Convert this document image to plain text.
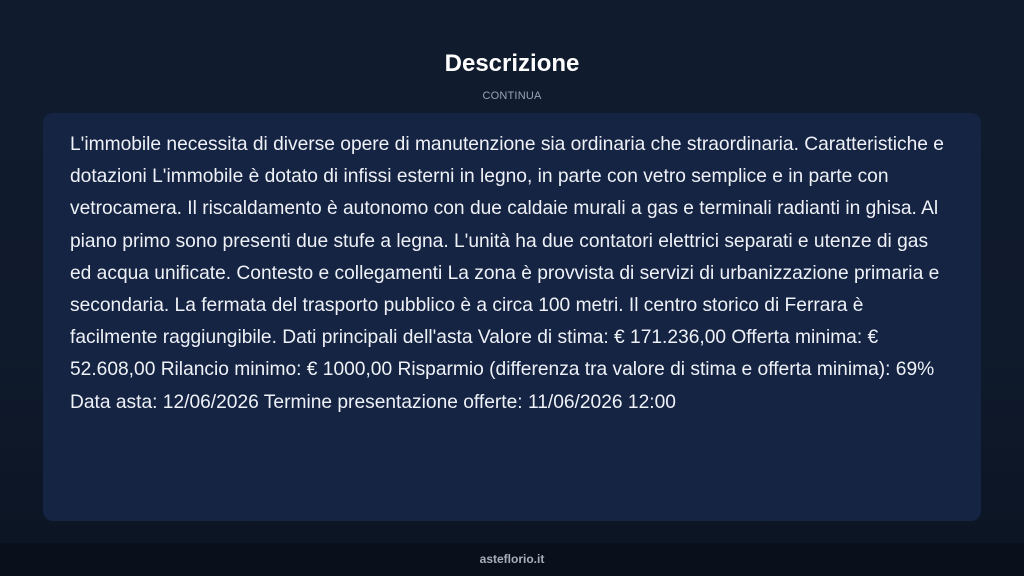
Descrizione
CONTINUA

L'immobile necessita di diverse opere di manutenzione sia ordinaria che straordinaria. Caratteristiche e dotazioni L'immobile è dotato di infissi esterni in legno, in parte con vetro semplice e in parte con vetrocamera. Il riscaldamento è autonomo con due caldaie murali a gas e terminali radianti in ghisa. Al piano primo sono presenti due stufe a legna. L'unità ha due contatori elettrici separati e utenze di gas ed acqua unificate. Contesto e collegamenti La zona è provvista di servizi di urbanizzazione primaria e secondaria. La fermata del trasporto pubblico è a circa 100 metri. Il centro storico di Ferrara è facilmente raggiungibile. Dati principali dell'asta Valore di stima: € 171.236,00 Offerta minima: € 52.608,00 Rilancio minimo: € 1000,00 Risparmio (differenza tra valore di stima e offerta minima): 69% Data asta: 12/06/2026 Termine presentazione offerte: 11/06/2026 12:00

asteflorio.it
